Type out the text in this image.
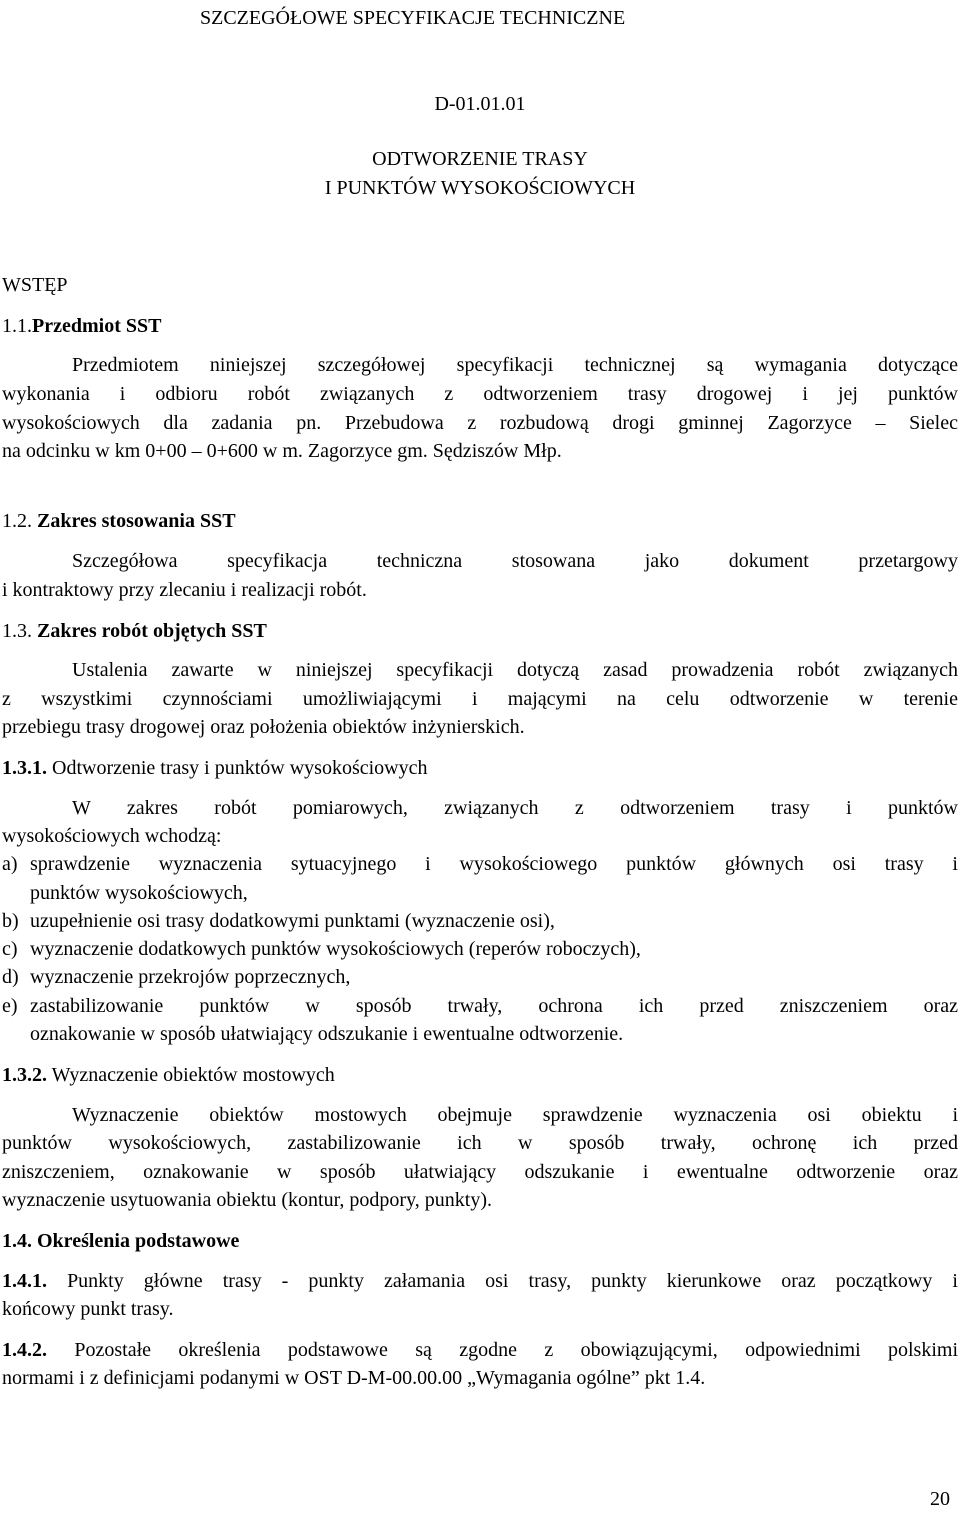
SZCZEGÓŁOWE SPECYFIKACJE TECHNICZNE

D-01.01.01

ODTWORZENIE TRASY

I PUNKTÓW WYSOKOŚCIOWYCH

WSTĘP

1.1.Przedmiot SST

Przedmiotem niniejszej szczegółowej specyfikacji technicznej są wymagania dotyczące

wykonania i odbioru robót związanych z odtworzeniem trasy drogowej i jej punktów

wysokościowych dla zadania pn. Przebudowa z rozbudową drogi gminnej Zagorzyce – Sielec

na odcinku w km 0+00 – 0+600 w m. Zagorzyce gm. Sędziszów Młp.

1.2. Zakres stosowania SST

Szczegółowa specyfikacja techniczna stosowana jako dokument przetargowy

i kontraktowy przy zlecaniu i realizacji robót.

1.3. Zakres robót objętych SST

Ustalenia zawarte w niniejszej specyfikacji dotyczą zasad prowadzenia robót związanych

z wszystkimi czynnościami umożliwiającymi i mającymi na celu odtworzenie w terenie

przebiegu trasy drogowej oraz położenia obiektów inżynierskich.

1.3.1. Odtworzenie trasy i punktów wysokościowych

W zakres robót pomiarowych, związanych z odtworzeniem trasy i punktów

wysokościowych wchodzą:

a) sprawdzenie wyznaczenia sytuacyjnego i wysokościowego punktów głównych osi trasy i

punktów wysokościowych,

b) uzupełnienie osi trasy dodatkowymi punktami (wyznaczenie osi),

c) wyznaczenie dodatkowych punktów wysokościowych (reperów roboczych),

d) wyznaczenie przekrojów poprzecznych,

e) zastabilizowanie punktów w sposób trwały, ochrona ich przed zniszczeniem oraz

oznakowanie w sposób ułatwiający odszukanie i ewentualne odtworzenie.

1.3.2. Wyznaczenie obiektów mostowych

Wyznaczenie obiektów mostowych obejmuje sprawdzenie wyznaczenia osi obiektu i

punktów wysokościowych, zastabilizowanie ich w sposób trwały, ochronę ich przed

zniszczeniem, oznakowanie w sposób ułatwiający odszukanie i ewentualne odtworzenie oraz

wyznaczenie usytuowania obiektu (kontur, podpory, punkty).

1.4. Określenia podstawowe

1.4.1. Punkty główne trasy - punkty załamania osi trasy, punkty kierunkowe oraz początkowy i

końcowy punkt trasy.

1.4.2. Pozostałe określenia podstawowe są zgodne z obowiązującymi, odpowiednimi polskimi

normami i z definicjami podanymi w OST D-M-00.00.00 „Wymagania ogólne” pkt 1.4.

20
